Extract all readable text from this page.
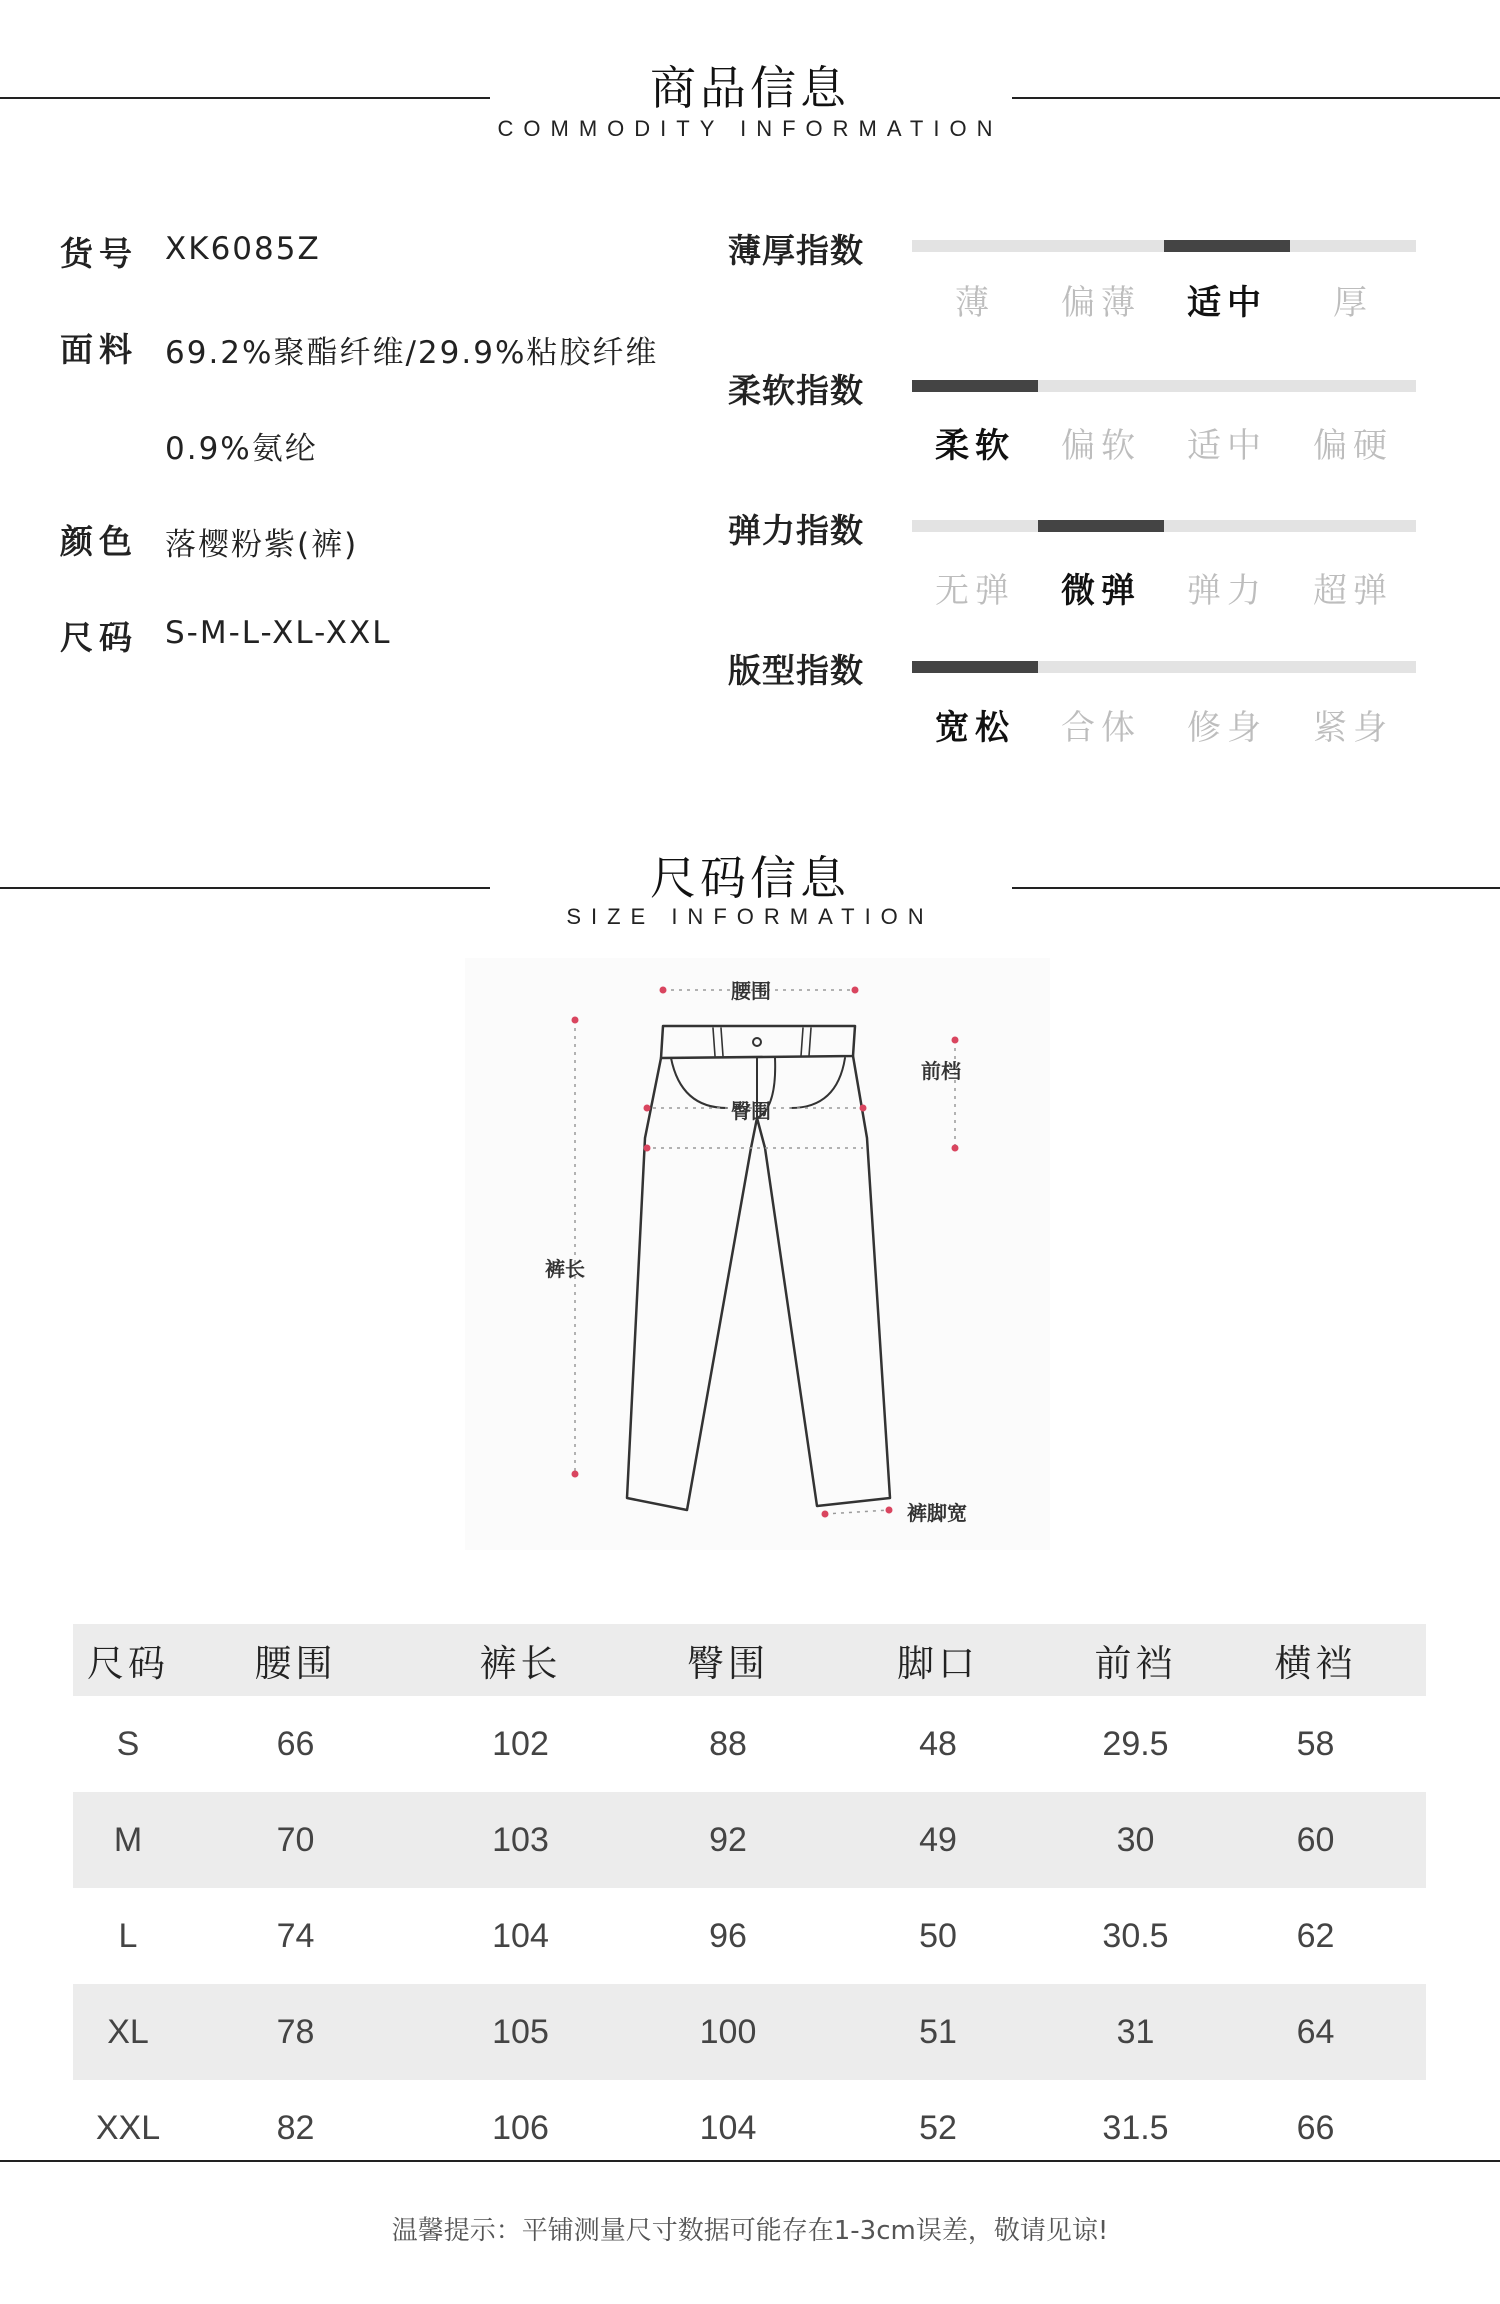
商品信息
COMMODITY INFORMATION
货号 XK6085Z
面料 69.2%聚酯纤维/29.9%粘胶纤维
0.9%氨纶
颜色 落樱粉紫(裤)
尺码 S-M-L-XL-XXL
薄厚指数
薄	偏薄	适中	厚
柔软指数
柔软	偏软	适中	偏硬
弹力指数
无弹	微弹	弹力	超弹
版型指数
宽松	合体	修身	紧身
尺码信息
SIZE INFORMATION
腰围
前档
臀围
裤长
裤脚宽
尺码	腰围	裤长	臀围	脚口	前裆	横裆
S	66	102	88	48	29.5	58
M	70	103	92	49	30	60
L	74	104	96	50	30.5	62
XL	78	105	100	51	31	64
XXL	82	106	104	52	31.5	66
温馨提示：平铺测量尺寸数据可能存在1-3cm误差，敬请见谅!
